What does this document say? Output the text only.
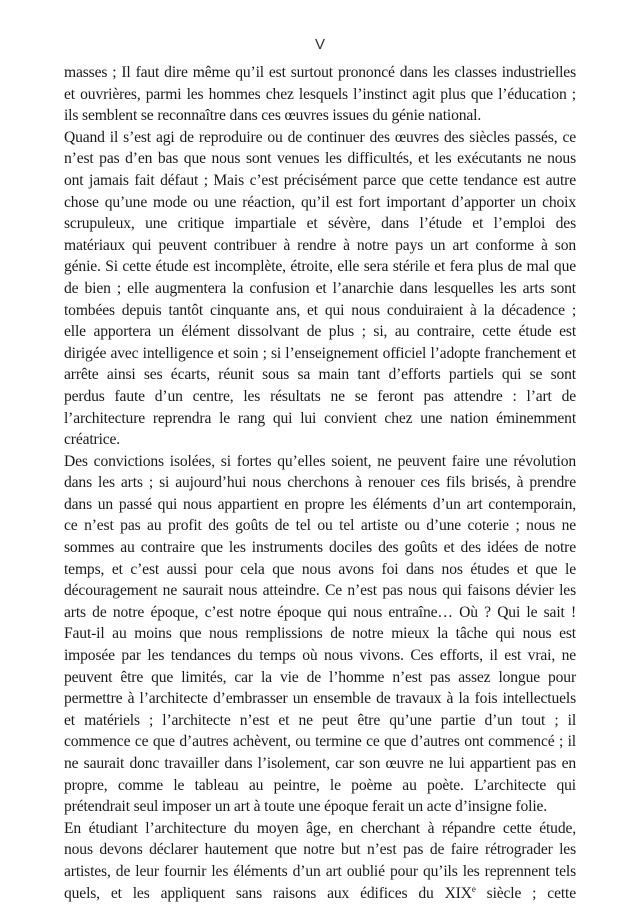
V
masses ; Il faut dire même qu’il est surtout prononcé dans les classes industrielles
et ouvrières, parmi les hommes chez lesquels l’instinct agit plus que l’éducation ;
ils semblent se reconnaître dans ces œuvres issues du génie national.
Quand il s’est agi de reproduire ou de continuer des œuvres des siècles passés, ce
n’est pas d’en bas que nous sont venues les difficultés, et les exécutants ne nous
ont jamais fait défaut ; Mais c’est précisément parce que cette tendance est autre
chose qu’une mode ou une réaction, qu’il est fort important d’apporter un choix
scrupuleux, une critique impartiale et sévère, dans l’étude et l’emploi des
matériaux qui peuvent contribuer à rendre à notre pays un art conforme à son
génie. Si cette étude est incomplète, étroite, elle sera stérile et fera plus de mal que
de bien ; elle augmentera la confusion et l’anarchie dans lesquelles les arts sont
tombées depuis tantôt cinquante ans, et qui nous conduiraient à la décadence ;
elle apportera un élément dissolvant de plus ; si, au contraire, cette étude est
dirigée avec intelligence et soin ; si l’enseignement officiel l’adopte franchement et
arrête ainsi ses écarts, réunit sous sa main tant d’efforts partiels qui se sont
perdus faute d’un centre, les résultats ne se feront pas attendre : l’art de
l’architecture reprendra le rang qui lui convient chez une nation éminemment
créatrice.
Des convictions isolées, si fortes qu’elles soient, ne peuvent faire une révolution
dans les arts ; si aujourd’hui nous cherchons à renouer ces fils brisés, à prendre
dans un passé qui nous appartient en propre les éléments d’un art contemporain,
ce n’est pas au profit des goûts de tel ou tel artiste ou d’une coterie ; nous ne
sommes au contraire que les instruments dociles des goûts et des idées de notre
temps, et c’est aussi pour cela que nous avons foi dans nos études et que le
découragement ne saurait nous atteindre. Ce n’est pas nous qui faisons dévier les
arts de notre époque, c’est notre époque qui nous entraîne… Où ? Qui le sait !
Faut-il au moins que nous remplissions de notre mieux la tâche qui nous est
imposée par les tendances du temps où nous vivons. Ces efforts, il est vrai, ne
peuvent être que limités, car la vie de l’homme n’est pas assez longue pour
permettre à l’architecte d’embrasser un ensemble de travaux à la fois intellectuels
et matériels ; l’architecte n’est et ne peut être qu’une partie d’un tout ; il
commence ce que d’autres achèvent, ou termine ce que d’autres ont commencé ; il
ne saurait donc travailler dans l’isolement, car son œuvre ne lui appartient pas en
propre, comme le tableau au peintre, le poème au poète. L’architecte qui
prétendrait seul imposer un art à toute une époque ferait un acte d’insigne folie.
En étudiant l’architecture du moyen âge, en cherchant à répandre cette étude,
nous devons déclarer hautement que notre but n’est pas de faire rétrograder les
artistes, de leur fournir les éléments d’un art oublié pour qu’ils les reprennent tels
quels, et les appliquent sans raisons aux édifices du XIXe siècle ; cette
